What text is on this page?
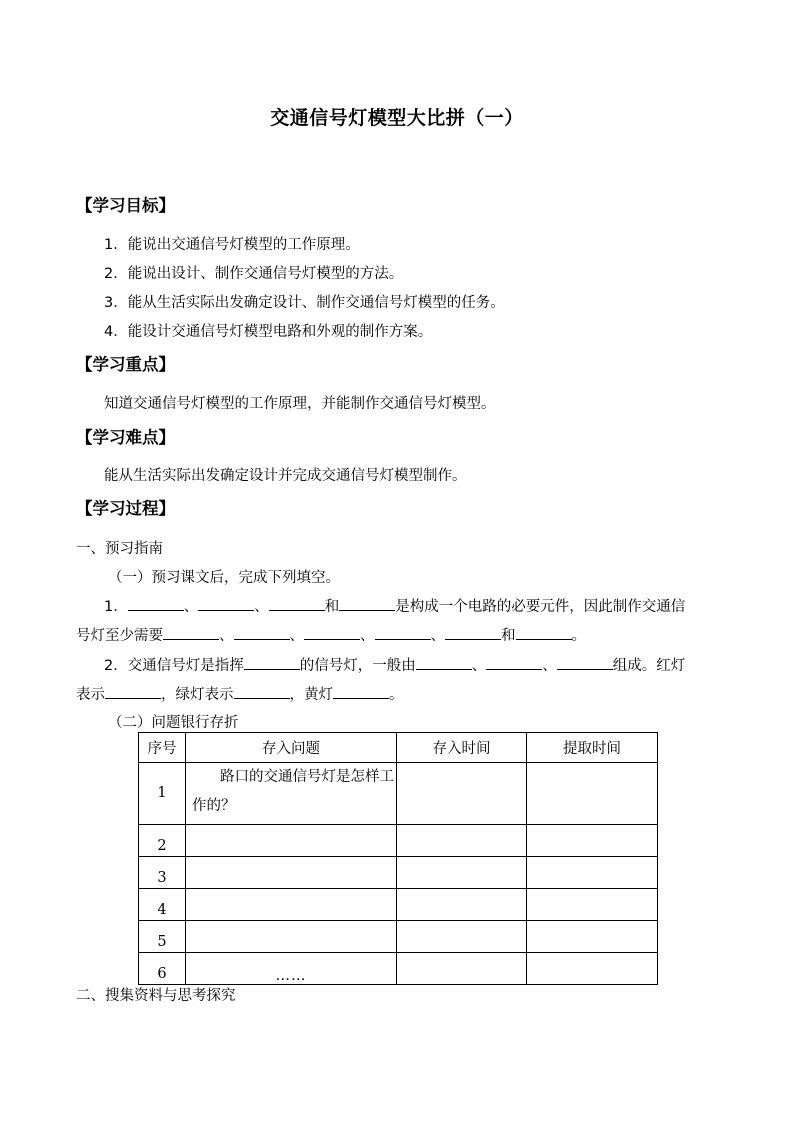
交通信号灯模型大比拼（一）
【学习目标】
1．能说出交通信号灯模型的工作原理。
2．能说出设计、制作交通信号灯模型的方法。
3．能从生活实际出发确定设计、制作交通信号灯模型的任务。
4．能设计交通信号灯模型电路和外观的制作方案。
【学习重点】
知道交通信号灯模型的工作原理，并能制作交通信号灯模型。
【学习难点】
能从生活实际出发确定设计并完成交通信号灯模型制作。
【学习过程】
一、预习指南
（一）预习课文后，完成下列填空。
1．	、	、	和	是构成一个电路的必要元件，因此制作交通信
号灯至少需要	、	、	、	、	和	。
2．交通信号灯是指挥	的信号灯，一般由	、	、	组成。红灯
表示	，绿灯表示	，黄灯	。
（二）问题银行存折
序号	存入问题	存入时间	提取时间
1	路口的交通信号灯是怎样工作的？		
2			
3			
4			
5			
6	……		
二、搜集资料与思考探究
